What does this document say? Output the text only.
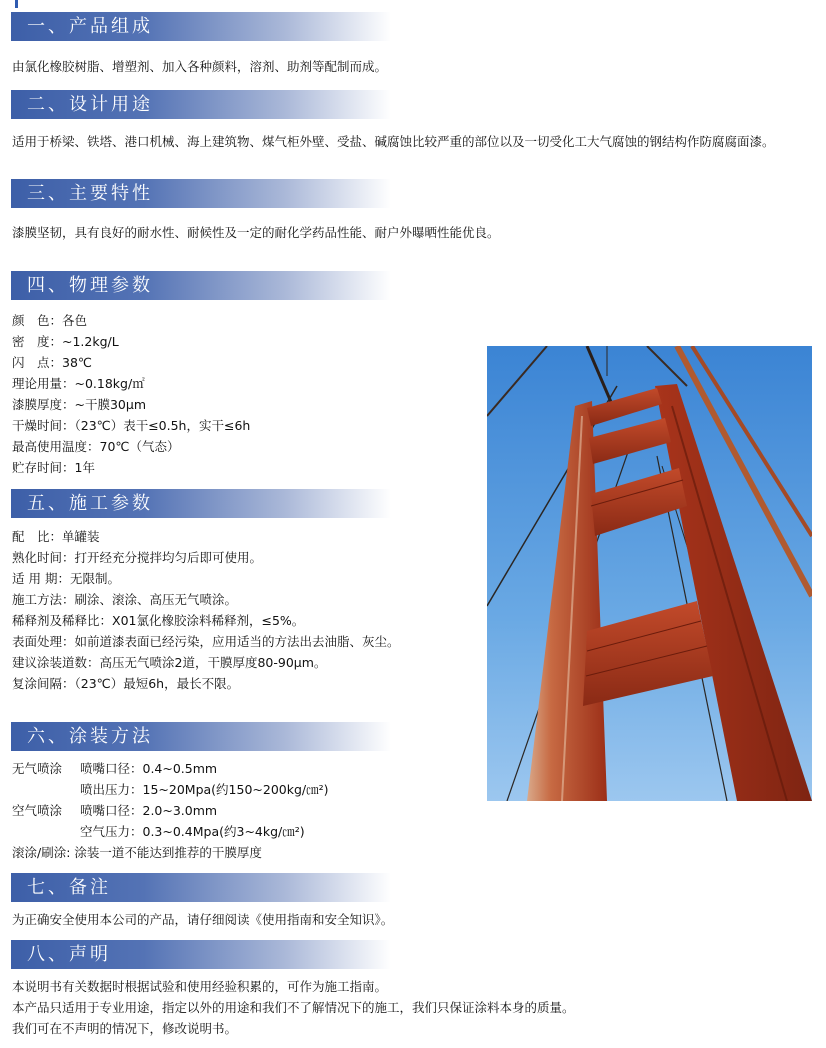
一、产品组成
由氯化橡胶树脂、增塑剂、加入各种颜料，溶剂、助剂等配制而成。
二、设计用途
适用于桥梁、铁塔、港口机械、海上建筑物、煤气柜外壁、受盐、碱腐蚀比较严重的部位以及一切受化工大气腐蚀的钢结构作防腐腐面漆。
三、主要特性
漆膜坚韧，具有良好的耐水性、耐候性及一定的耐化学药品性能、耐户外曝晒性能优良。
四、物理参数
颜　色：各色
密　度：~1.2kg/L
闪　点：38℃
理论用量：~0.18kg/㎡
漆膜厚度：~干膜30μm
干燥时间：（23℃）表干≤0.5h，实干≤6h
最高使用温度：70℃（气态）
贮存时间：1年
五、施工参数
配　比：单罐装
熟化时间：打开经充分搅拌均匀后即可使用。
适 用 期：无限制。
施工方法：刷涂、滚涂、高压无气喷涂。
稀释剂及稀释比：X01氯化橡胶涂料稀释剂，≤5%。
表面处理：如前道漆表面已经污染，应用适当的方法出去油脂、灰尘。
建议涂装道数：高压无气喷涂2道，干膜厚度80-90μm。
复涂间隔：（23℃）最短6h，最长不限。
六、涂装方法
无气喷涂 喷嘴口径：0.4~0.5mm
喷出压力：15~20Mpa(约150~200kg/㎝²)
空气喷涂 喷嘴口径：2.0~3.0mm
空气压力：0.3~0.4Mpa(约3~4kg/㎝²)
滚涂/刷涂: 涂装一道不能达到推荐的干膜厚度
七、备注
为正确安全使用本公司的产品，请仔细阅读《使用指南和安全知识》。
八、声明
本说明书有关数据时根据试验和使用经验积累的，可作为施工指南。
本产品只适用于专业用途，指定以外的用途和我们不了解情况下的施工，我们只保证涂料本身的质量。
我们可在不声明的情况下，修改说明书。
